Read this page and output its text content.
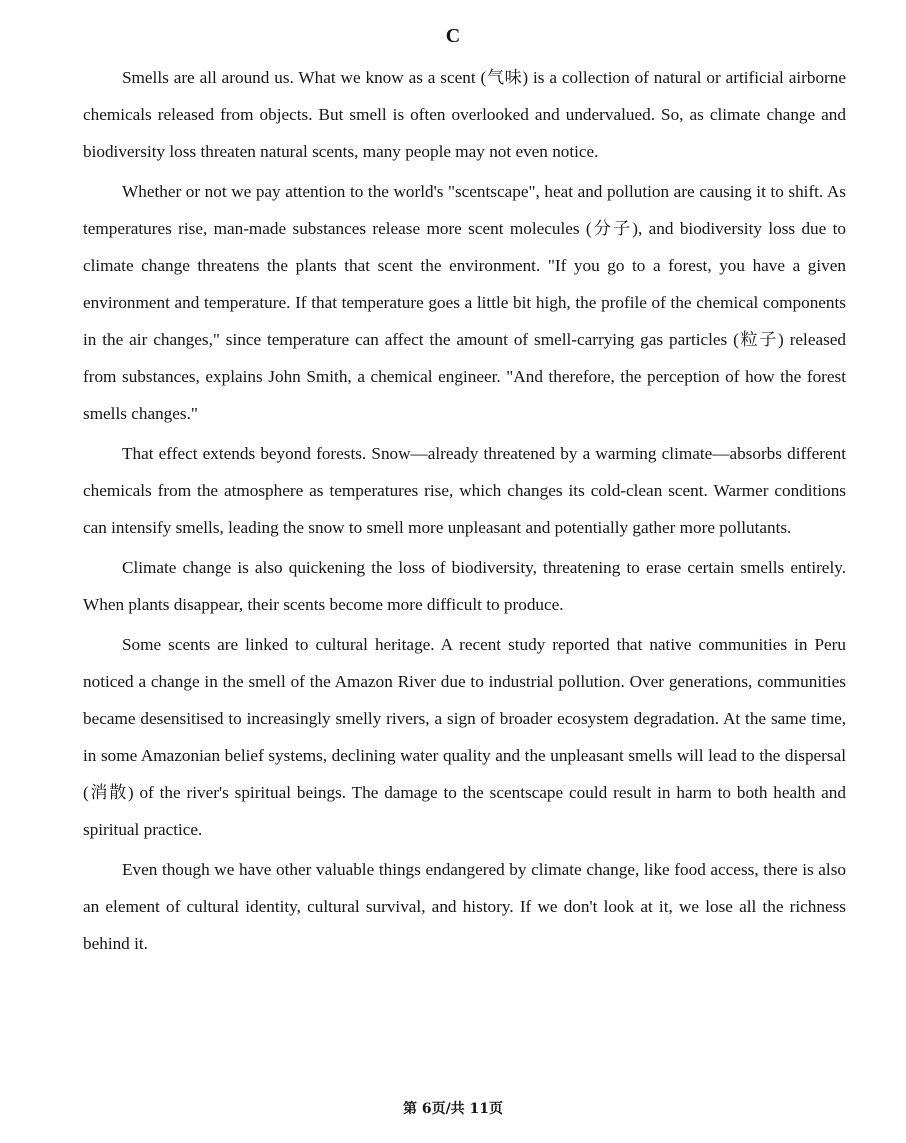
C

Smells are all around us. What we know as a scent (气味) is a collection of natural or artificial airborne chemicals released from objects. But smell is often overlooked and undervalued. So, as climate change and biodiversity loss threaten natural scents, many people may not even notice.

Whether or not we pay attention to the world's "scentscape", heat and pollution are causing it to shift. As temperatures rise, man-made substances release more scent molecules (分子), and biodiversity loss due to climate change threatens the plants that scent the environment. "If you go to a forest, you have a given environment and temperature. If that temperature goes a little bit high, the profile of the chemical components in the air changes," since temperature can affect the amount of smell-carrying gas particles (粒子) released from substances, explains John Smith, a chemical engineer. "And therefore, the perception of how the forest smells changes."

That effect extends beyond forests. Snow—already threatened by a warming climate—absorbs different chemicals from the atmosphere as temperatures rise, which changes its cold-clean scent. Warmer conditions can intensify smells, leading the snow to smell more unpleasant and potentially gather more pollutants.

Climate change is also quickening the loss of biodiversity, threatening to erase certain smells entirely. When plants disappear, their scents become more difficult to produce.

Some scents are linked to cultural heritage. A recent study reported that native communities in Peru noticed a change in the smell of the Amazon River due to industrial pollution. Over generations, communities became desensitised to increasingly smelly rivers, a sign of broader ecosystem degradation. At the same time, in some Amazonian belief systems, declining water quality and the unpleasant smells will lead to the dispersal (消散) of the river's spiritual beings. The damage to the scentscape could result in harm to both health and spiritual practice.

Even though we have other valuable things endangered by climate change, like food access, there is also an element of cultural identity, cultural survival, and history. If we don't look at it, we lose all the richness behind it.

第 6页/共 11页
